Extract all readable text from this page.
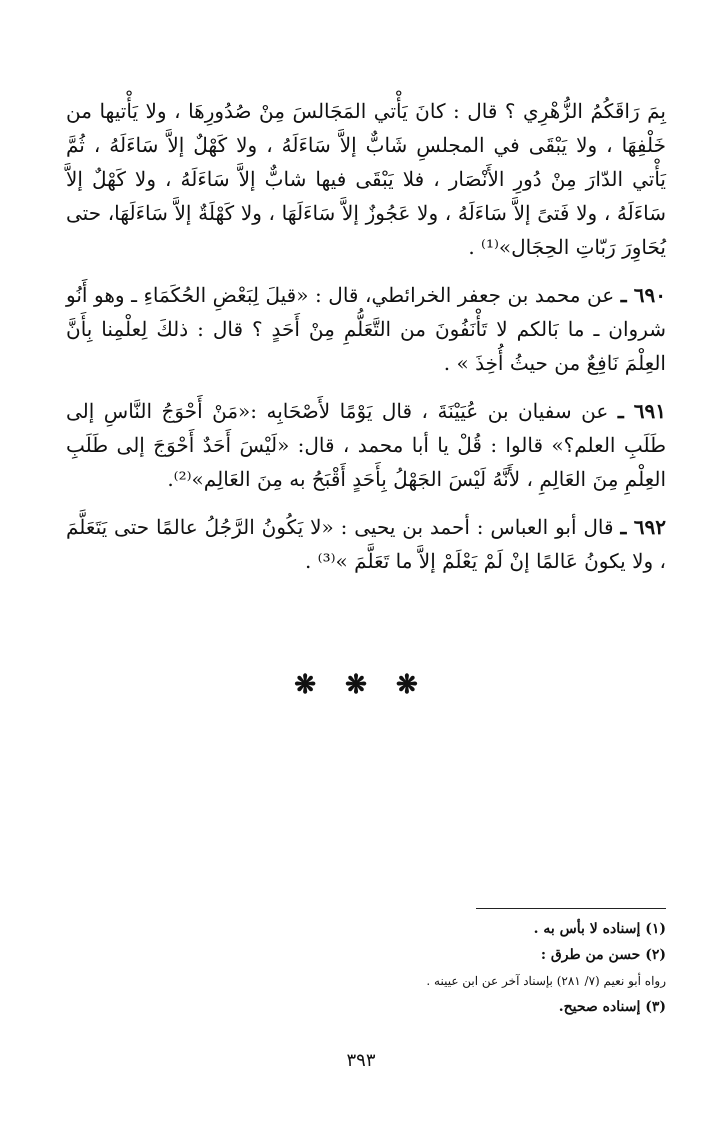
بِمَ رَاقَكُمُ الزُّهْرِي ؟ قال : كانَ يَأْتي المَجَالسَ مِنْ صُدُورِهَا ، ولا يَأْتيها من خَلْفِهَا ، ولا يَبْقَى في المجلسِ شَابٌّ إلاَّ سَاءَلَهُ ، ولا كَهْلٌ إلاَّ سَاءَلَهُ ، ثُمَّ يَأْتي الدّارَ مِنْ دُورِ الأَنْصَار ، فلا يَبْقَى فيها شابٌّ إلاَّ سَاءَلَهُ ، ولا كَهْلٌ إلاَّ سَاءَلَهُ ، ولا فَتىً إلاَّ سَاءَلَهُ ، ولا عَجُوزٌ إلاَّ سَاءَلَهَا ، ولا كَهْلَةٌ إلاَّ سَاءَلَهَا، حتى يُحَاوِرَ رَبّاتِ الحِجَال»⁽¹⁾ .

٦٩٠ ـ عن محمد بن جعفر الخرائطي، قال : «قيلَ لِبَعْضِ الحُكَمَاءِ ـ وهو أَنُو شروان ـ ما بَالكم لا تَأْنَفُونَ من التَّعَلُّمِ مِنْ أَحَدٍ ؟ قال : ذلكَ لِعلْمِنا بِأَنَّ العِلْمَ نَافِعٌ من حيثُ أُخِذَ » .

٦٩١ ـ عن سفيان بن عُيَيْنَةَ ، قال يَوْمًا لأَصْحَابِه :«مَنْ أَحْوَجُ النَّاسِ إلى طَلَبِ العلم؟» قالوا : قُلْ يا أبا محمد ، قال: «لَيْسَ أَحَدٌ أَحْوَجَ إلى طَلَبِ العِلْمِ مِنَ العَالِمِ ، لأَنَّهُ لَيْسَ الجَهْلُ بِأَحَدٍ أَقْبَحُ به مِنَ العَالِم»⁽²⁾.

٦٩٢ ـ قال أبو العباس : أحمد بن يحيى : «لا يَكُونُ الرَّجُلُ عالمًا حتى يَتَعَلَّمَ ، ولا يكونُ عَالمًا إنْ لَمْ يَعْلَمْ إلاَّ ما تَعَلَّمَ »⁽³⁾ .

❋ ❋ ❋
(١) إسناده لا بأس به .
(٢) حسن من طرق :
رواه أبو نعيم (٧/ ٢٨١) بإسناد آخر عن ابن عيينه .
(٣) إسناده صحيح.
٣٩٣
